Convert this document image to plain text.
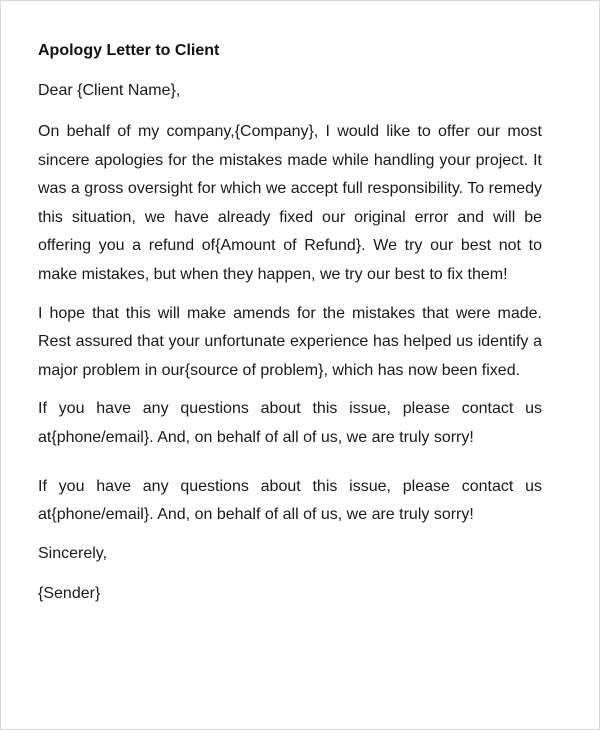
Apology Letter to Client
Dear {Client Name},
On behalf of my company,{Company}, I would like to offer our most sincere apologies for the mistakes made while handling your project. It was a gross oversight for which we accept full responsibility. To remedy this situation, we have already fixed our original error and will be offering you a refund of{Amount of Refund}. We try our best not to make mistakes, but when they happen, we try our best to fix them!
I hope that this will make amends for the mistakes that were made. Rest assured that your unfortunate experience has helped us identify a major problem in our{source of problem}, which has now been fixed.
If you have any questions about this issue, please contact us at{phone/email}. And, on behalf of all of us, we are truly sorry!
If you have any questions about this issue, please contact us at{phone/email}. And, on behalf of all of us, we are truly sorry!
Sincerely,
{Sender}
